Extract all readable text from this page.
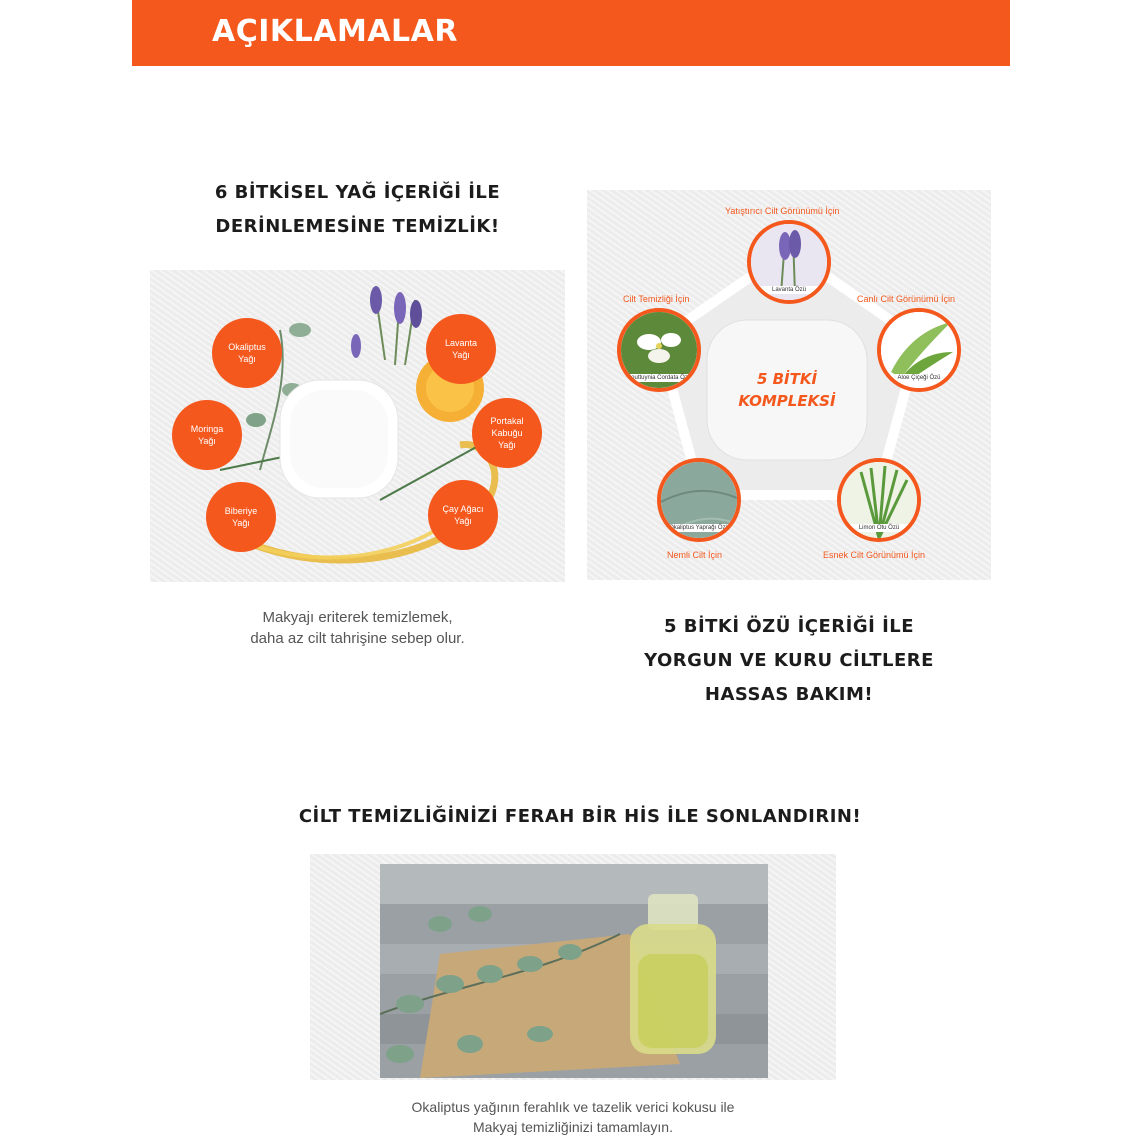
AÇIKLAMALAR
6 BİTKİSEL YAĞ İÇERİĞİ İLE
DERİNLEMESİNE TEMİZLİK!
Okaliptus
Yağı
Lavanta
Yağı
Moringa
Yağı
Portakal
Kabuğu
Yağı
Biberiye
Yağı
Çay Ağacı
Yağı
Makyajı eriterek temizlemek,
daha az cilt tahrişine sebep olur.
5 BİTKİ
KOMPLEKSİ
Yatıştırıcı Cilt Görünümü İçin
Lavanta Özü
Canlı Cilt Görünümü İçin
Aloe Çiçeği Özü
Esnek Cilt Görünümü İçin
Limon Otu Özü
Nemli Cilt İçin
Okaliptus Yaprağı Özü
Cilt Temizliği İçin
Houttuynia Cordata Özü
5 BİTKİ ÖZÜ İÇERİĞİ İLE
YORGUN VE KURU CİLTLERE
HASSAS BAKIM!
CİLT TEMİZLİĞİNİZİ FERAH BİR HİS İLE SONLANDIRIN!
Okaliptus yağının ferahlık ve tazelik verici kokusu ile
Makyaj temizliğinizi tamamlayın.
